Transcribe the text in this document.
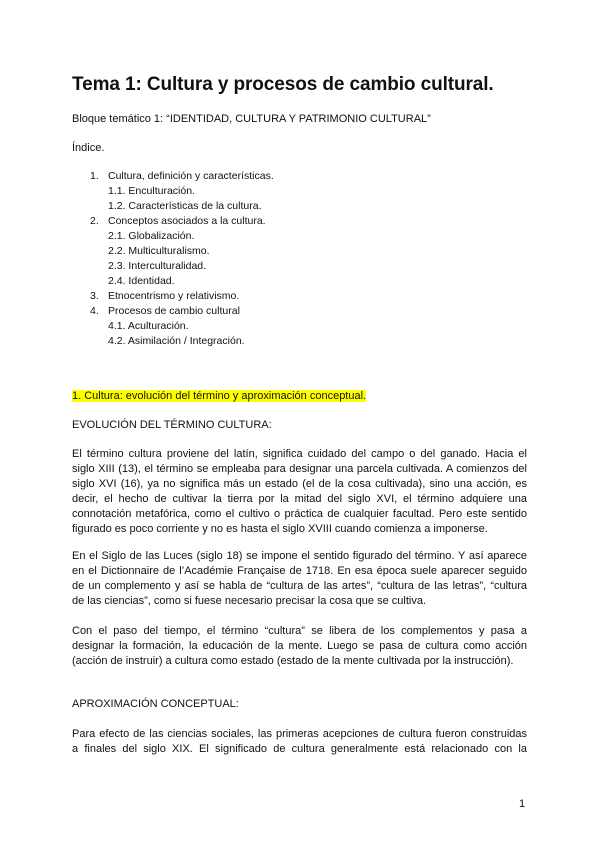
Tema 1: Cultura y procesos de cambio cultural.

Bloque temático 1: “IDENTIDAD, CULTURA Y PATRIMONIO CULTURAL”

Índice.

1. Cultura, definición y características.
1.1. Enculturación.
1.2. Características de la cultura.
2. Conceptos asociados a la cultura.
2.1. Globalización.
2.2. Multiculturalismo.
2.3. Interculturalidad.
2.4. Identidad.
3. Etnocentrismo y relativismo.
4. Procesos de cambio cultural
4.1. Aculturación.
4.2. Asimilación / Integración.

1. Cultura: evolución del término y aproximación conceptual.

EVOLUCIÓN DEL TÉRMINO CULTURA:

El término cultura proviene del latín, significa cuidado del campo o del ganado. Hacia el
siglo XIII (13), el término se empleaba para designar una parcela cultivada. A comienzos del
siglo XVI (16), ya no significa más un estado (el de la cosa cultivada), sino una acción, es
decir, el hecho de cultivar la tierra por la mitad del siglo XVI, el término adquiere una
connotación metafórica, como el cultivo o práctica de cualquier facultad. Pero este sentido
figurado es poco corriente y no es hasta el siglo XVIII cuando comienza a imponerse.
En el Siglo de las Luces (siglo 18) se impone el sentido figurado del término. Y así aparece
en el Dictionnaire de l’Académie Française de 1718. En esa época suele aparecer seguido
de un complemento y así se habla de “cultura de las artes”, “cultura de las letras”, “cultura
de las ciencias”, como si fuese necesario precisar la cosa que se cultiva.
Con el paso del tiempo, el término “cultura” se libera de los complementos y pasa a
designar la formación, la educación de la mente. Luego se pasa de cultura como acción
(acción de instruir) a cultura como estado (estado de la mente cultivada por la instrucción).

APROXIMACIÓN CONCEPTUAL:

Para efecto de las ciencias sociales, las primeras acepciones de cultura fueron construidas
a finales del siglo XIX. El significado de cultura generalmente está relacionado con la

1
